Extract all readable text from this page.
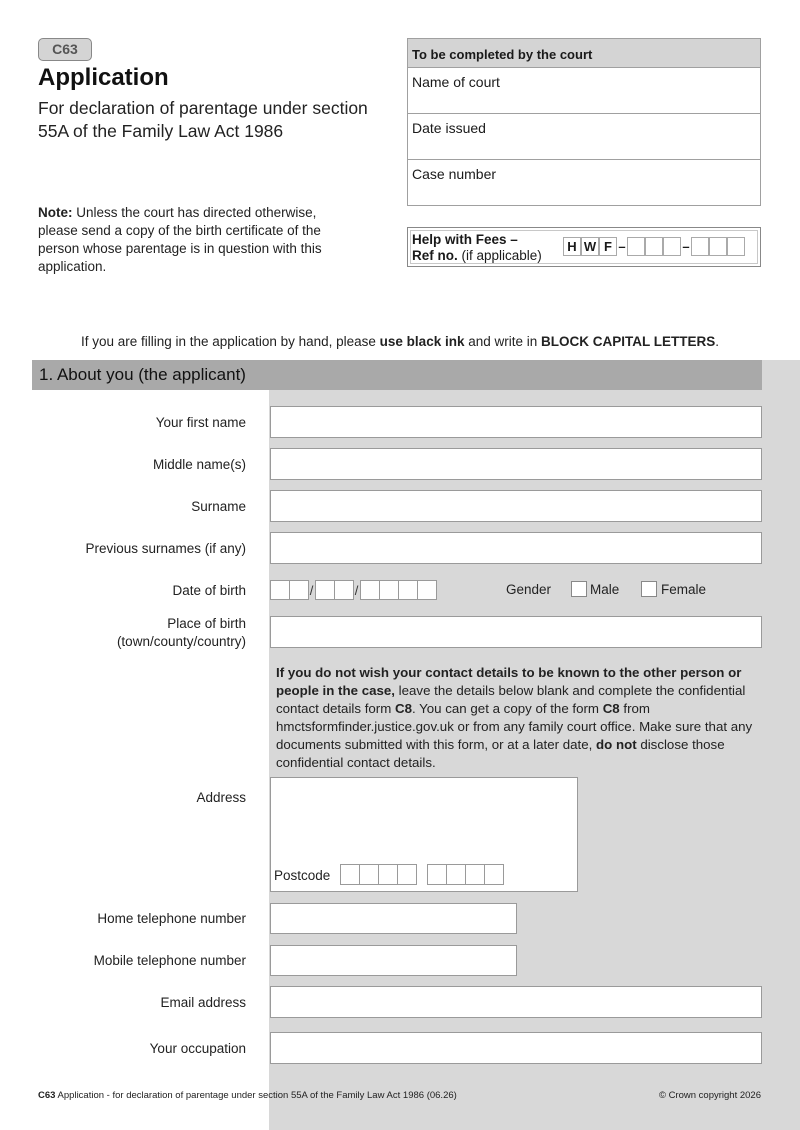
C63
Application
For declaration of parentage under section 55A of the Family Law Act 1986
To be completed by the court
Name of court
Date issued
Case number
Note: Unless the court has directed otherwise, please send a copy of the birth certificate of the person whose parentage is in question with this application.
Help with Fees –
Ref no. (if applicable)
H W F –	–
If you are filling in the application by hand, please use black ink and write in BLOCK CAPITAL LETTERS.
1. About you (the applicant)
Your first name
Middle name(s)
Surname
Previous surnames (if any)
Date of birth	/	/	Gender	Male	Female
Place of birth
(town/county/country)
If you do not wish your contact details to be known to the other person or people in the case, leave the details below blank and complete the confidential contact details form C8. You can get a copy of the form C8 from hmctsformfinder.justice.gov.uk or from any family court office. Make sure that any documents submitted with this form, or at a later date, do not disclose those confidential contact details.
Address
Postcode
Home telephone number
Mobile telephone number
Email address
Your occupation
C63 Application - for declaration of parentage under section 55A of the Family Law Act 1986 (06.26)	© Crown copyright 2026
